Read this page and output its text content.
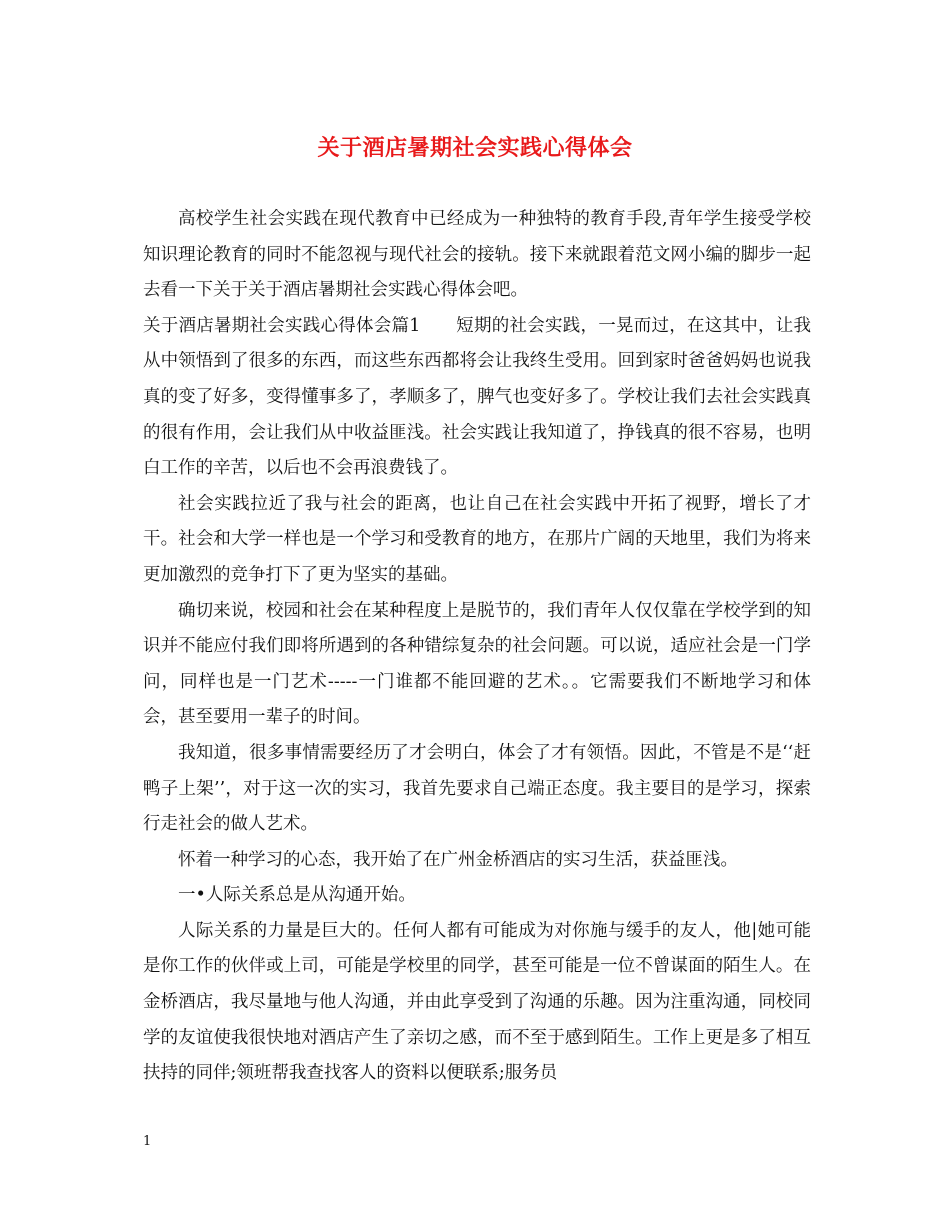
关于酒店暑期社会实践心得体会

高校学生社会实践在现代教育中已经成为一种独特的教育手段,青年学生接受学校知识理论教育的同时不能忽视与现代社会的接轨。接下来就跟着范文网小编的脚步一起去看一下关于关于酒店暑期社会实践心得体会吧。

关于酒店暑期社会实践心得体会篇1　　短期的社会实践，一晃而过，在这其中，让我从中领悟到了很多的东西，而这些东西都将会让我终生受用。回到家时爸爸妈妈也说我真的变了好多，变得懂事多了，孝顺多了，脾气也变好多了。学校让我们去社会实践真的很有作用，会让我们从中收益匪浅。社会实践让我知道了，挣钱真的很不容易，也明白工作的辛苦，以后也不会再浪费钱了。

社会实践拉近了我与社会的距离，也让自己在社会实践中开拓了视野，增长了才干。社会和大学一样也是一个学习和受教育的地方，在那片广阔的天地里，我们为将来更加激烈的竞争打下了更为坚实的基础。

确切来说，校园和社会在某种程度上是脱节的，我们青年人仅仅靠在学校学到的知识并不能应付我们即将所遇到的各种错综复杂的社会问题。可以说，适应社会是一门学问，同样也是一门艺术-----一门谁都不能回避的艺术。。它需要我们不断地学习和体会，甚至要用一辈子的时间。

我知道，很多事情需要经历了才会明白，体会了才有领悟。因此，不管是不是‘‘赶鸭子上架’’，对于这一次的实习，我首先要求自己端正态度。我主要目的是学习，探索行走社会的做人艺术。

怀着一种学习的心态，我开始了在广州金桥酒店的实习生活，获益匪浅。

一•人际关系总是从沟通开始。

人际关系的力量是巨大的。任何人都有可能成为对你施与缓手的友人，他|她可能是你工作的伙伴或上司，可能是学校里的同学，甚至可能是一位不曾谋面的陌生人。在金桥酒店，我尽量地与他人沟通，并由此享受到了沟通的乐趣。因为注重沟通，同校同学的友谊使我很快地对酒店产生了亲切之感，而不至于感到陌生。工作上更是多了相互扶持的同伴;领班帮我查找客人的资料以便联系;服务员

1
